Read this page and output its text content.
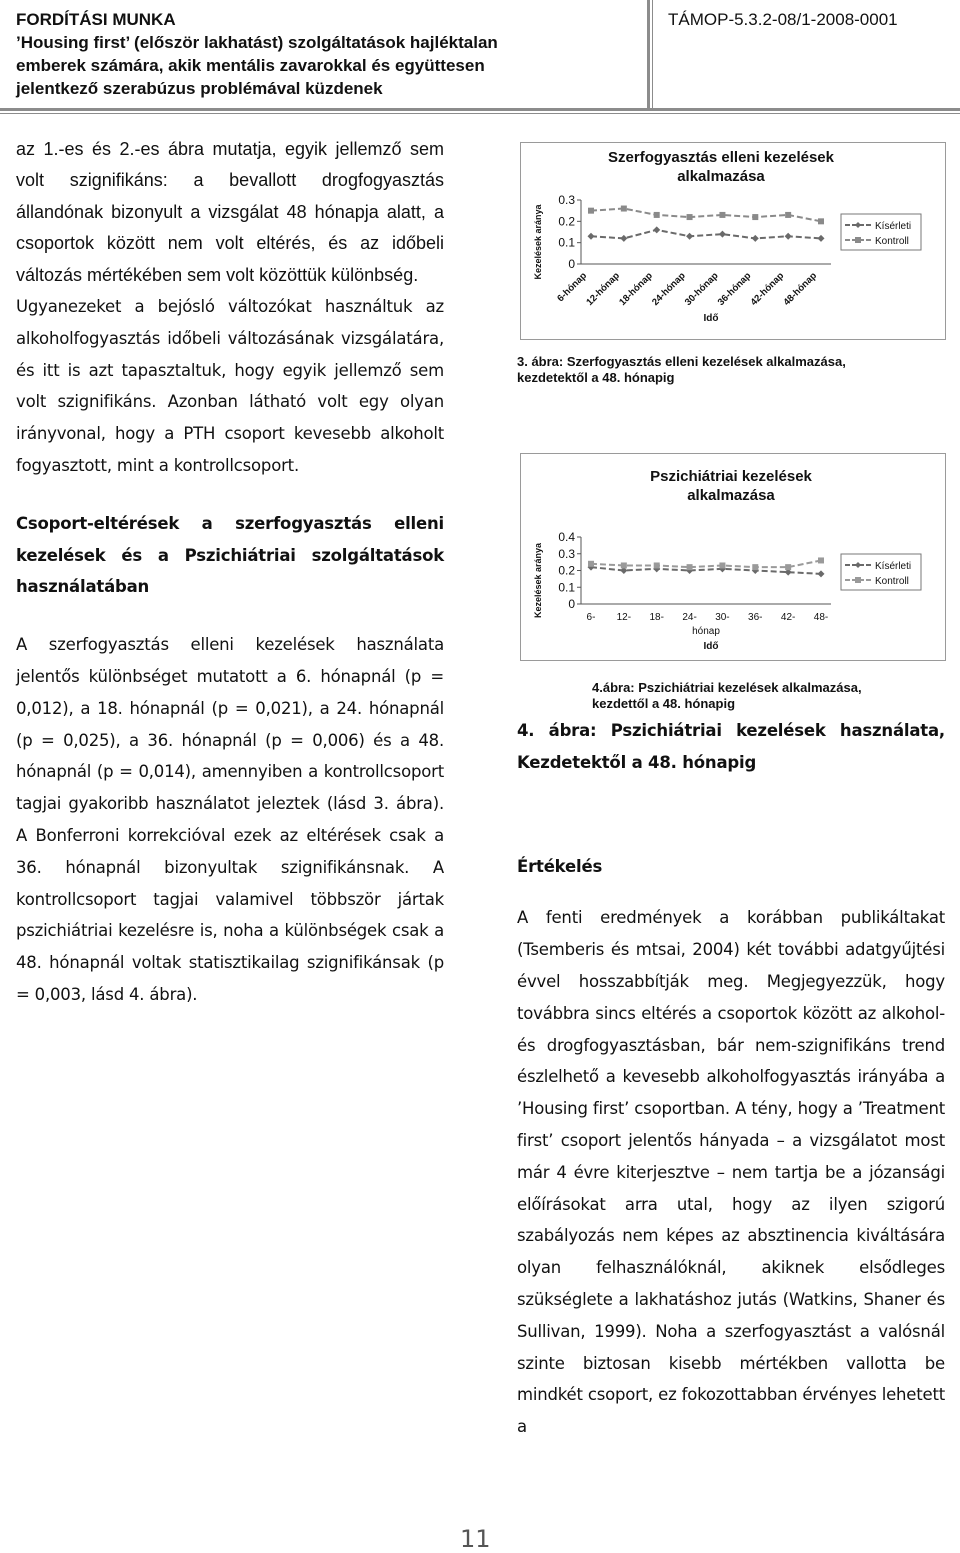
FORDÍTÁSI MUNKA
’Housing first’ (először lakhatást) szolgáltatások hajléktalan
emberek számára, akik mentális zavarokkal és együttesen
jelentkező szerabúzus problémával küzdenek
TÁMOP-5.3.2-08/1-2008-0001

az 1.-es és 2.-es ábra mutatja, egyik jellemző sem volt szignifikáns: a bevallott drogfogyasztás állandónak bizonyult a vizsgálat 48 hónapja alatt, a csoportok között nem volt eltérés, és az időbeli változás mértékében sem volt közöttük különbség.

Ugyanezeket a bejósló változókat használtuk az alkoholfogyasztás időbeli változásának vizsgálatára, és itt is azt tapasztaltuk, hogy egyik jellemző sem volt szignifikáns. Azonban látható volt egy olyan irányvonal, hogy a PTH csoport kevesebb alkoholt fogyasztott, mint a kontrollcsoport.

Csoport-eltérések a szerfogyasztás elleni kezelések és a Pszichiátriai szolgáltatások használatában

A szerfogyasztás elleni kezelések használata jelentős különbséget mutatott a 6. hónapnál (p = 0,012), a 18. hónapnál (p = 0,021), a 24. hónapnál (p = 0,025), a 36. hónapnál (p = 0,006) és a 48. hónapnál (p = 0,014), amennyiben a kontrollcsoport tagjai gyakoribb használatot jeleztek (lásd 3. ábra). A Bonferroni korrekcióval ezek az eltérések csak a 36. hónapnál bizonyultak szignifikánsnak. A kontrollcsoport tagjai valamivel többször jártak pszichiátriai kezelésre is, noha a különbségek csak a 48. hónapnál voltak statisztikailag szignifikánsak (p = 0,003, lásd 4. ábra).

Szerfogyasztás elleni kezelések
alkalmazása
0
0.1
0.2
0.3
Kezelések aránya
6-hónap
12-hónap
18-hónap
24-hónap
30-hónap
36-hónap
42-hónap
48-hónap
Idő
Kísérleti
Kontroll
3. ábra: Szerfogyasztás elleni kezelések alkalmazása,
kezdetektől a 48. hónapig
Pszichiátriai kezelések
alkalmazása
0
0.1
0.2
0.3
0.4
Kezelések aránya	6- 12- 18- 24- 30- 36- 42- 48-
hónap
Idő
Kísérleti
Kontroll
4.ábra: Pszichiátriai kezelések alkalmazása,
kezdettől a 48. hónapig

4. ábra: Pszichiátriai kezelések használata, Kezdetektől a 48. hónapig

Értékelés

A fenti eredmények a korábban publikáltakat (Tsemberis és mtsai, 2004) két további adatgyűjtési évvel hosszabbítják meg. Megjegyezzük, hogy továbbra sincs eltérés a csoportok között az alkohol- és drogfogyasztásban, bár nem-szignifikáns trend észlelhető a kevesebb alkoholfogyasztás irányába a ’Housing first’ csoportban. A tény, hogy a ’Treatment first’ csoport jelentős hányada – a vizsgálatot most már 4 évre kiterjesztve – nem tartja be a józansági előírásokat arra utal, hogy az ilyen szigorú szabályozás nem képes az absztinencia kiváltására olyan felhasználóknál, akiknek elsődleges szükséglete a lakhatáshoz jutás (Watkins, Shaner és Sullivan, 1999). Noha a szerfogyasztást a valósnál szinte biztosan kisebb mértékben vallotta be mindkét csoport, ez fokozottabban érvényes lehetett a

11
